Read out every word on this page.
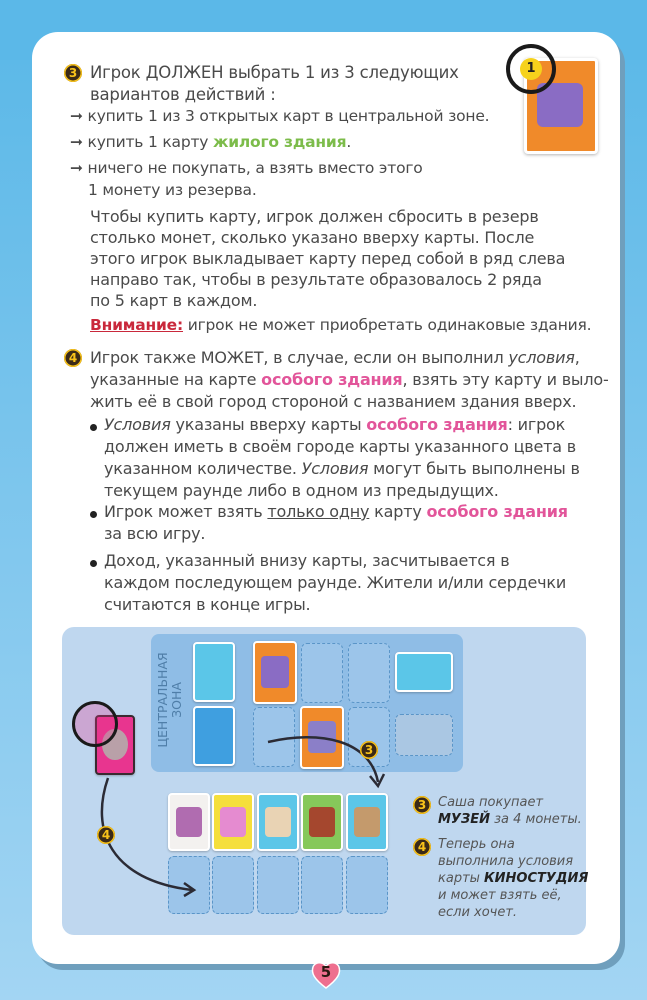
3 Игрок ДОЛЖЕН выбрать 1 из 3 следующих
вариантов действий :
➞ купить 1 из 3 открытых карт в центральной зоне.
➞ купить 1 карту жилого здания.
➞ ничего не покупать, а взять вместо этого
1 монету из резерва.
Чтобы купить карту, игрок должен сбросить в резерв
столько монет, сколько указано вверху карты. После
этого игрок выкладывает карту перед собой в ряд слева
направо так, чтобы в результате образовалось 2 ряда
по 5 карт в каждом.
Внимание: игрок не может приобретать одинаковые здания.
1
4 Игрок также МОЖЕТ, в случае, если он выполнил условия,
указанные на карте особого здания, взять эту карту и выло-
жить её в свой город стороной с названием здания вверх.
Условия указаны вверху карты особого здания: игрок
должен иметь в своём городе карты указанного цвета в
указанном количестве. Условия могут быть выполнены в
текущем раунде либо в одном из предыдущих.
Игрок может взять только одну карту особого здания
за всю игру.
Доход, указанный внизу карты, засчитывается в
каждом последующем раунде. Жители и/или сердечки
считаются в конце игры.
ЦЕНТРАЛЬНАЯ ЗОНА
3
4
3 Саша покупает
МУЗЕЙ за 4 монеты.
4 Теперь она
выполнила условия
карты КИНОСТУДИЯ
и может взять её,
если хочет.
5
